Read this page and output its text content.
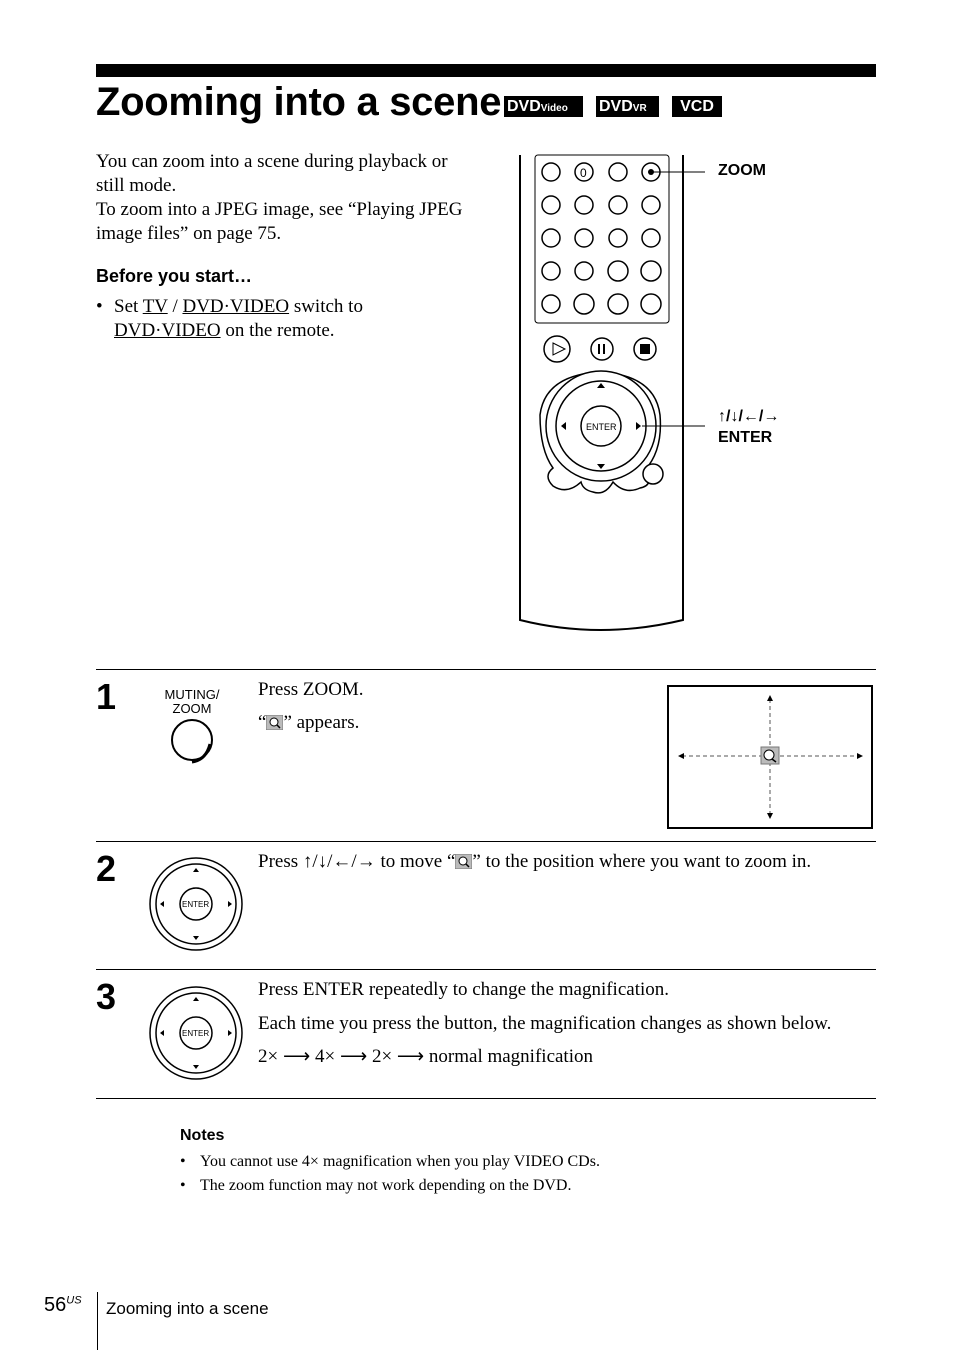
Zooming into a scene DVDVideo	DVDVR	VCD
You can zoom into a scene during playback or still mode.
To zoom into a JPEG image, see “Playing JPEG image files” on page 75.
Before you start…
• Set TV / DVD·VIDEO switch to
DVD·VIDEO on the remote.
0
ENTER
ZOOM
↑/↓/←/→
ENTER
1	MUTING/
ZOOM
Press ZOOM.
“ ” appears.
2
ENTER
Press ↑/↓/←/→ to move “ ” to the position where you want to zoom in.
3
ENTER
Press ENTER repeatedly to change the magnification.
Each time you press the button, the magnification changes as shown below.
2× ⟶ 4× ⟶ 2× ⟶ normal magnification
Notes
• You cannot use 4× magnification when you play VIDEO CDs.
• The zoom function may not work depending on the DVD.
$56^{US}$ Zooming into a scene
